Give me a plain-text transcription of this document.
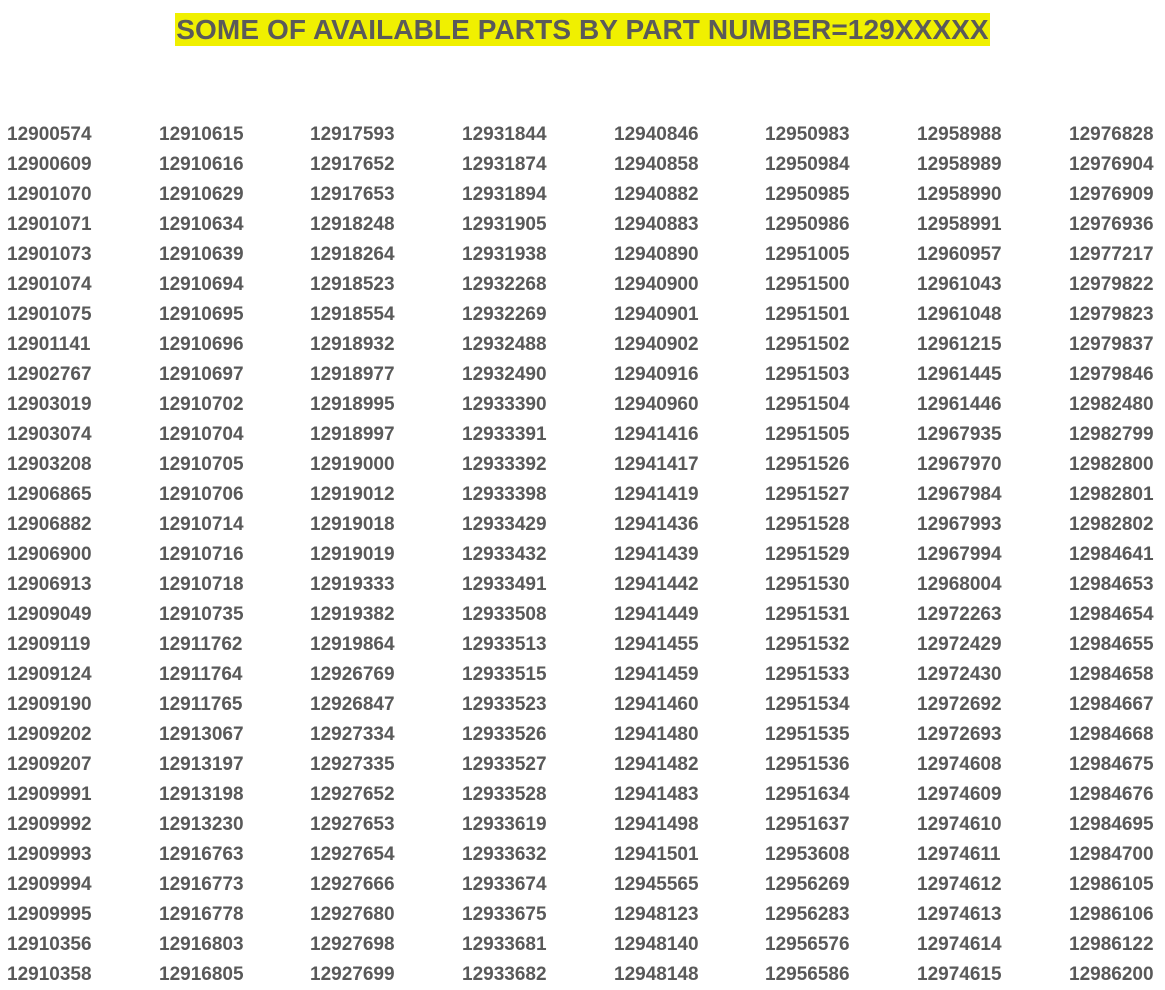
SOME OF AVAILABLE PARTS BY PART NUMBER=129XXXXX
12900574
12900609
12901070
12901071
12901073
12901074
12901075
12901141
12902767
12903019
12903074
12903208
12906865
12906882
12906900
12906913
12909049
12909119
12909124
12909190
12909202
12909207
12909991
12909992
12909993
12909994
12909995
12910356
12910358
12910615
12910616
12910629
12910634
12910639
12910694
12910695
12910696
12910697
12910702
12910704
12910705
12910706
12910714
12910716
12910718
12910735
12911762
12911764
12911765
12913067
12913197
12913198
12913230
12916763
12916773
12916778
12916803
12916805
12917593
12917652
12917653
12918248
12918264
12918523
12918554
12918932
12918977
12918995
12918997
12919000
12919012
12919018
12919019
12919333
12919382
12919864
12926769
12926847
12927334
12927335
12927652
12927653
12927654
12927666
12927680
12927698
12927699
12931844
12931874
12931894
12931905
12931938
12932268
12932269
12932488
12932490
12933390
12933391
12933392
12933398
12933429
12933432
12933491
12933508
12933513
12933515
12933523
12933526
12933527
12933528
12933619
12933632
12933674
12933675
12933681
12933682
12940846
12940858
12940882
12940883
12940890
12940900
12940901
12940902
12940916
12940960
12941416
12941417
12941419
12941436
12941439
12941442
12941449
12941455
12941459
12941460
12941480
12941482
12941483
12941498
12941501
12945565
12948123
12948140
12948148
12950983
12950984
12950985
12950986
12951005
12951500
12951501
12951502
12951503
12951504
12951505
12951526
12951527
12951528
12951529
12951530
12951531
12951532
12951533
12951534
12951535
12951536
12951634
12951637
12953608
12956269
12956283
12956576
12956586
12958988
12958989
12958990
12958991
12960957
12961043
12961048
12961215
12961445
12961446
12967935
12967970
12967984
12967993
12967994
12968004
12972263
12972429
12972430
12972692
12972693
12974608
12974609
12974610
12974611
12974612
12974613
12974614
12974615
12976828
12976904
12976909
12976936
12977217
12979822
12979823
12979837
12979846
12982480
12982799
12982800
12982801
12982802
12984641
12984653
12984654
12984655
12984658
12984667
12984668
12984675
12984676
12984695
12984700
12986105
12986106
12986122
12986200
